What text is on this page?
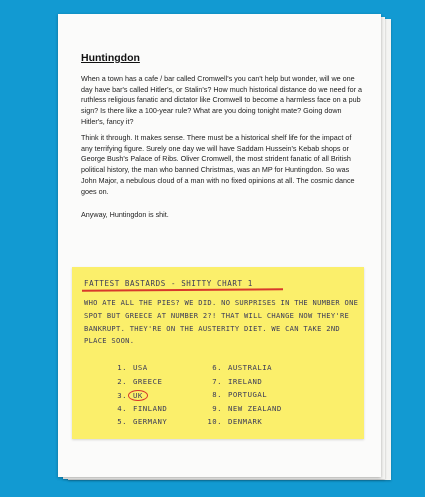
Huntingdon

When a town has a cafe / bar called Cromwell's you can't help but wonder, will we one day have bar's called Hitler's, or Stalin's? How much historical distance do we need for a ruthless religious fanatic and dictator like Cromwell to become a harmless face on a pub sign? Is there like a 100-year rule? What are you doing tonight mate? Going down Hitler's, fancy it?

Think it through. It makes sense. There must be a historical shelf life for the impact of any terrifying figure. Surely one day we will have Saddam Hussein's Kebab shops or George Bush's Palace of Ribs. Oliver Cromwell, the most strident fanatic of all British political history, the man who banned Christmas, was an MP for Huntingdon. So was John Major, a nebulous cloud of a man with no fixed opinions at all. The cosmic dance goes on.

Anyway, Huntingdon is shit.

FATTEST BASTARDS - SHITTY CHART 1

WHO ATE ALL THE PIES? WE DID. NO SURPRISES IN THE NUMBER ONE SPOT BUT GREECE AT NUMBER 2?! THAT WILL CHANGE NOW THEY'RE BANKRUPT. THEY'RE ON THE AUSTERITY DIET. WE CAN TAKE 2ND PLACE SOON.

1. USA
2. GREECE
3. UK
4. FINLAND
5. GERMANY
6. AUSTRALIA
7. IRELAND
8. PORTUGAL
9. NEW ZEALAND
10. DENMARK
